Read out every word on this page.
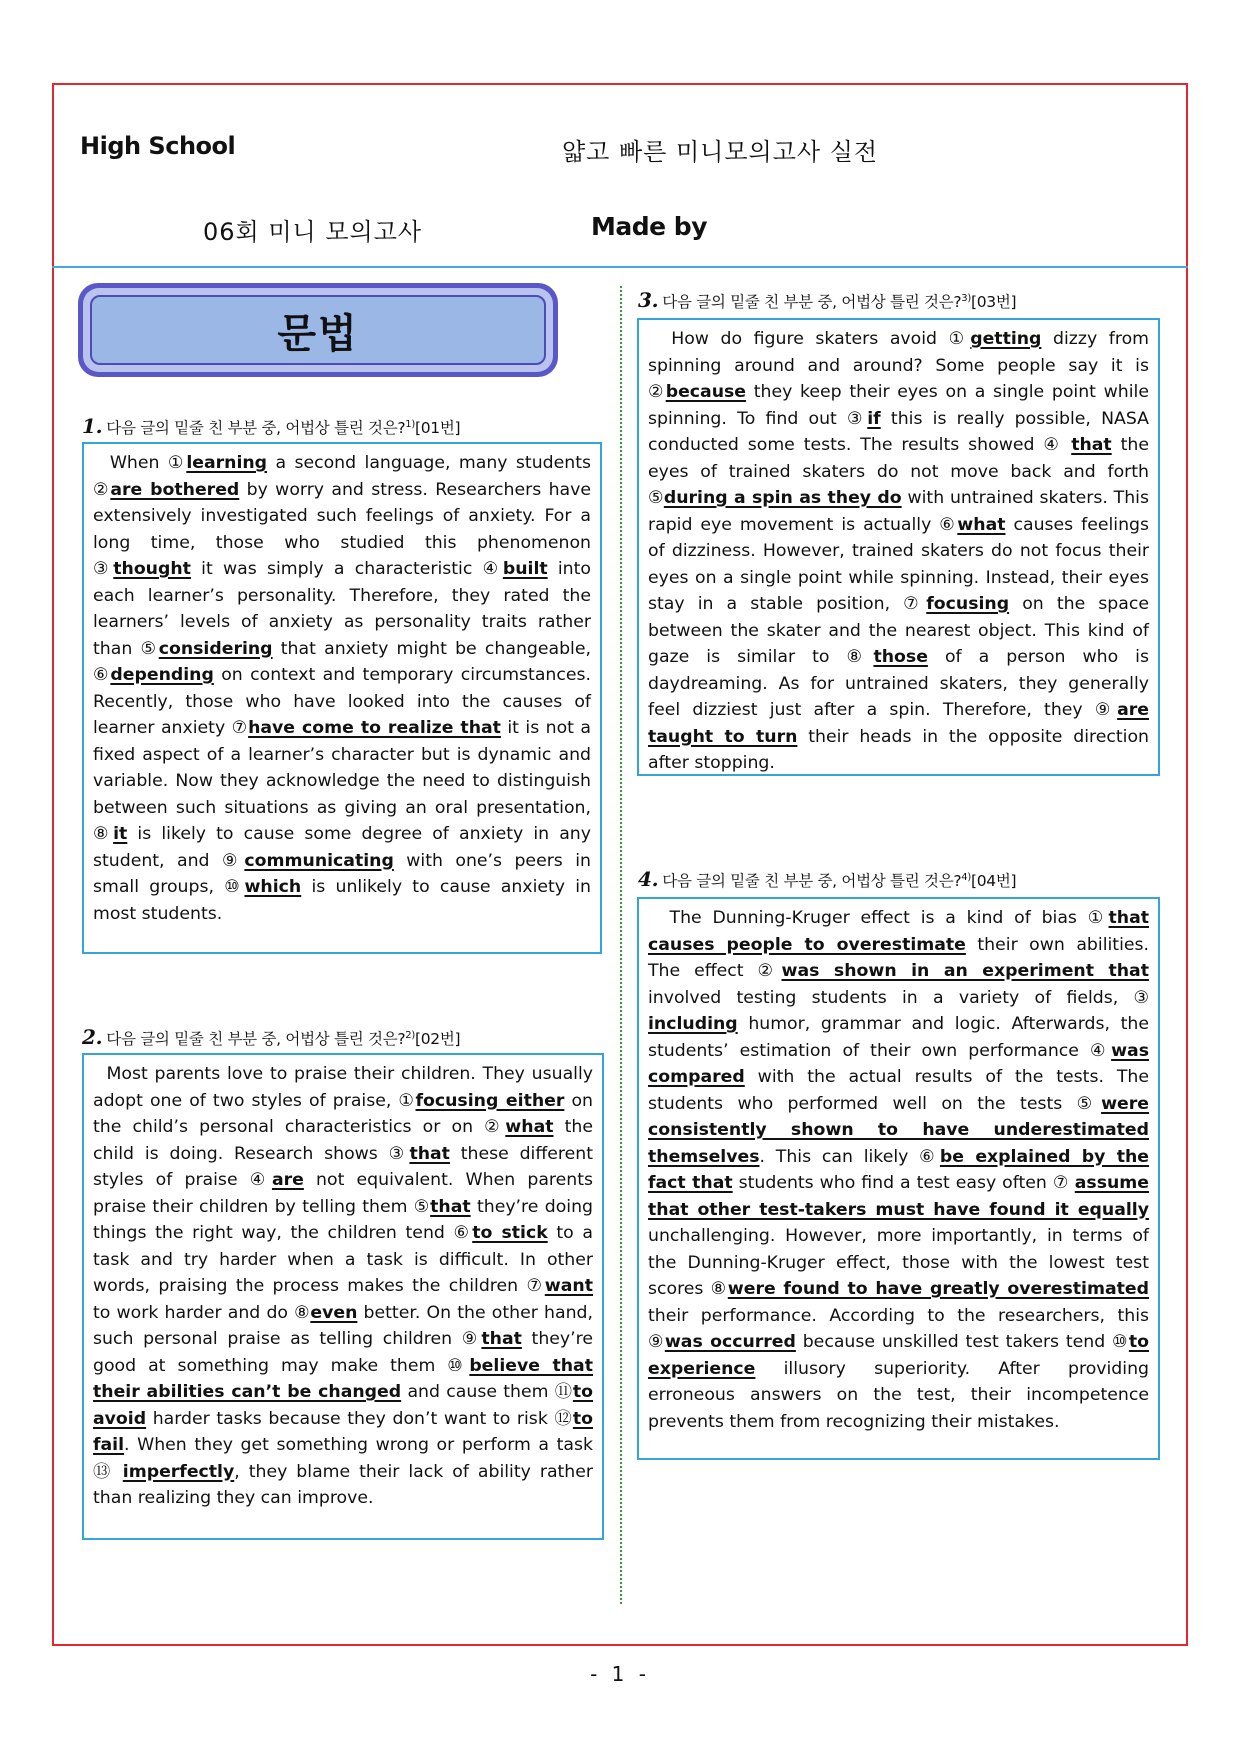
High School	얇고 빠른 미니모의고사 실전
06회 미니 모의고사	Made by
문법
1. 다음 글의 밑줄 친 부분 중, 어법상 틀린 것은?$^{1)}$[01번]
When ①learning a second language, many students ②are bothered by worry and stress. Researchers have extensively investigated such feelings of anxiety. For a long time, those who studied this phenomenon ③thought it was simply a characteristic ④built into each learner’s personality. Therefore, they rated the learners’ levels of anxiety as personality traits rather than ⑤considering that anxiety might be changeable, ⑥depending on context and temporary circumstances. Recently, those who have looked into the causes of learner anxiety ⑦have come to realize that it is not a fixed aspect of a learner’s character but is dynamic and variable. Now they acknowledge the need to distinguish between such situations as giving an oral presentation, ⑧it is likely to cause some degree of anxiety in any student, and ⑨communicating with one’s peers in small groups, ⑩which is unlikely to cause anxiety in most students.
2. 다음 글의 밑줄 친 부분 중, 어법상 틀린 것은?$^{2)}$[02번]
Most parents love to praise their children. They usually adopt one of two styles of praise, ①focusing either on the child’s personal characteristics or on ②what the child is doing. Research shows ③that these different styles of praise ④are not equivalent. When parents praise their children by telling them ⑤that they’re doing things the right way, the children tend ⑥to stick to a task and try harder when a task is difficult. In other words, praising the process makes the children ⑦want to work harder and do ⑧even better. On the other hand, such personal praise as telling children ⑨that they’re good at something may make them ⑩believe that their abilities can’t be changed and cause them ⑪to avoid harder tasks because they don’t want to risk ⑫to fail. When they get something wrong or perform a task ⑬ imperfectly, they blame their lack of ability rather than realizing they can improve.
3. 다음 글의 밑줄 친 부분 중, 어법상 틀린 것은?$^{3)}$[03번]
How do figure skaters avoid ①getting dizzy from spinning around and around? Some people say it is ②because they keep their eyes on a single point while spinning. To find out ③if this is really possible, NASA conducted some tests. The results showed ④ that the eyes of trained skaters do not move back and forth ⑤during a spin as they do with untrained skaters. This rapid eye movement is actually ⑥what causes feelings of dizziness. However, trained skaters do not focus their eyes on a single point while spinning. Instead, their eyes stay in a stable position, ⑦focusing on the space between the skater and the nearest object. This kind of gaze is similar to ⑧those of a person who is daydreaming. As for untrained skaters, they generally feel dizziest just after a spin. Therefore, they ⑨are taught to turn their heads in the opposite direction after stopping.
4. 다음 글의 밑줄 친 부분 중, 어법상 틀린 것은?$^{4)}$[04번]
The Dunning-Kruger effect is a kind of bias ①that causes people to overestimate their own abilities. The effect ②was shown in an experiment that involved testing students in a variety of fields, ③ including humor, grammar and logic. Afterwards, the students’ estimation of their own performance ④was compared with the actual results of the tests. The students who performed well on the tests ⑤were consistently shown to have underestimated themselves. This can likely ⑥be explained by the fact that students who find a test easy often ⑦ assume that other test-takers must have found it equally unchallenging. However, more importantly, in terms of the Dunning-Kruger effect, those with the lowest test scores ⑧were found to have greatly overestimated their performance. According to the researchers, this ⑨was occurred because unskilled test takers tend ⑩to experience illusory superiority. After providing erroneous answers on the test, their incompetence prevents them from recognizing their mistakes.
- 1 -
